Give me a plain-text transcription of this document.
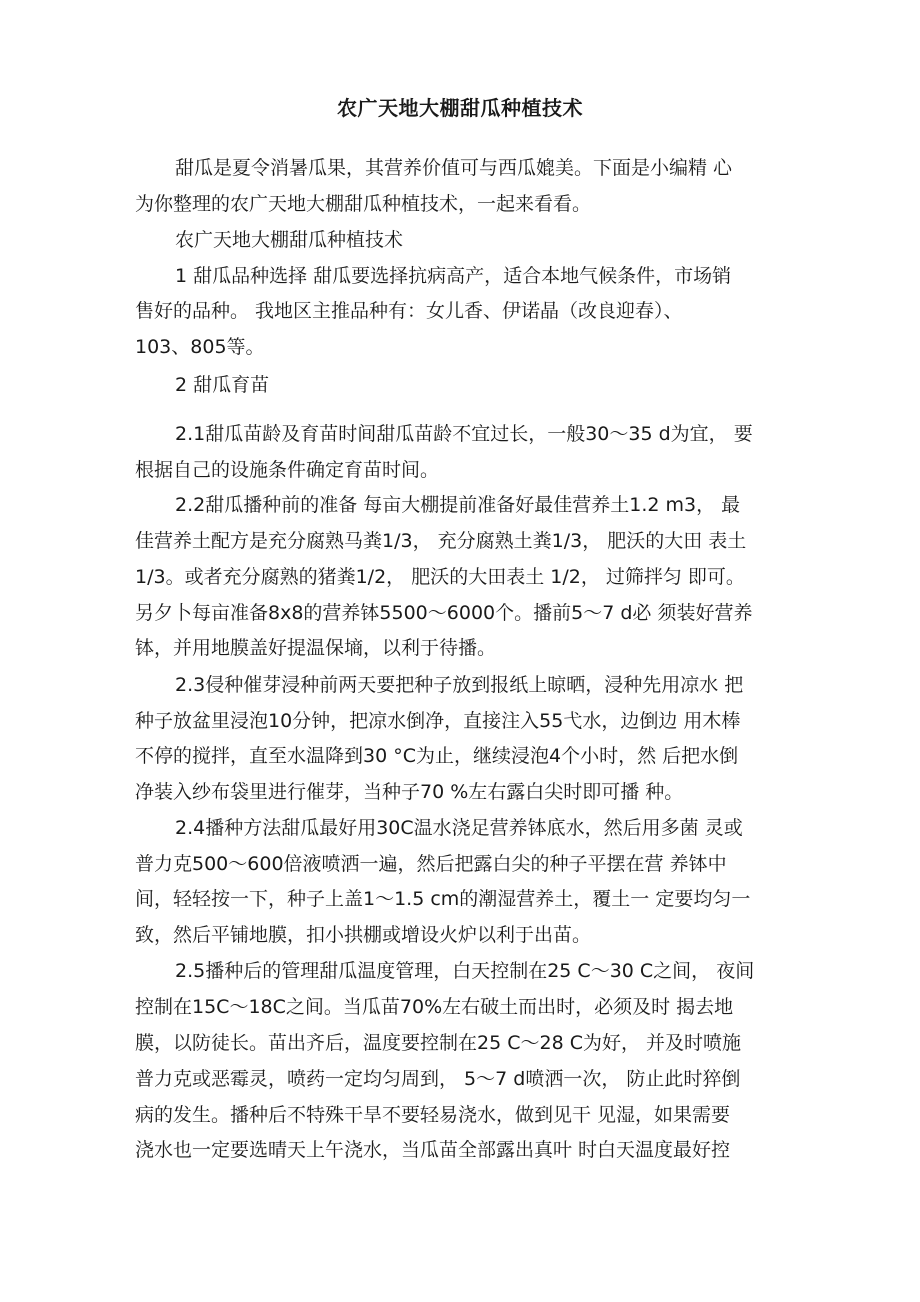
农广天地大棚甜瓜种植技术
甜瓜是夏令消暑瓜果，其营养价值可与西瓜媲美。下面是小编精 心
为你整理的农广天地大棚甜瓜种植技术，一起来看看。
农广天地大棚甜瓜种植技术
1 甜瓜品种选择 甜瓜要选择抗病高产，适合本地气候条件，市场销
售好的品种。 我地区主推品种有：女儿香、伊诺晶（改良迎春）、
103、805等。
2 甜瓜育苗
2.1甜瓜苗龄及育苗时间甜瓜苗龄不宜过长，一般30〜35 d为宜， 要
根据自己的设施条件确定育苗时间。
2.2甜瓜播种前的准备 每亩大棚提前准备好最佳营养土1.2 m3， 最
佳营养土配方是充分腐熟马粪1/3， 充分腐熟土粪1/3， 肥沃的大田 表土
1/3。或者充分腐熟的猪粪1/2， 肥沃的大田表土 1/2， 过筛拌匀 即可。
另夕卜每亩准备8x8的营养钵5500〜6000个。播前5〜7 d必 须装好营养
钵，并用地膜盖好提温保墒，以利于待播。
2.3侵种催芽浸种前两天要把种子放到报纸上晾晒，浸种先用凉水 把
种子放盆里浸泡10分钟，把凉水倒净，直接注入55弋水，边倒边 用木棒
不停的搅拌，直至水温降到30 °C为止，继续浸泡4个小时，然 后把水倒
净装入纱布袋里进行催芽，当种子70 %左右露白尖时即可播 种。
2.4播种方法甜瓜最好用30C温水浇足营养钵底水，然后用多菌 灵或
普力克500〜600倍液喷洒一遍，然后把露白尖的种子平摆在营 养钵中
间，轻轻按一下，种子上盖1〜1.5 cm的潮湿营养土，覆土一 定要均匀一
致，然后平铺地膜，扣小拱棚或增设火炉以利于出苗。
2.5播种后的管理甜瓜温度管理，白天控制在25 C〜30 C之间， 夜间
控制在15C〜18C之间。当瓜苗70%左右破土而出时，必须及时 揭去地
膜，以防徒长。苗出齐后，温度要控制在25 C〜28 C为好， 并及时喷施
普力克或恶霉灵，喷药一定均匀周到， 5〜7 d喷洒一次， 防止此时猝倒
病的发生。播种后不特殊干旱不要轻易浇水，做到见干 见湿，如果需要
浇水也一定要选晴天上午浇水，当瓜苗全部露出真叶 时白天温度最好控
